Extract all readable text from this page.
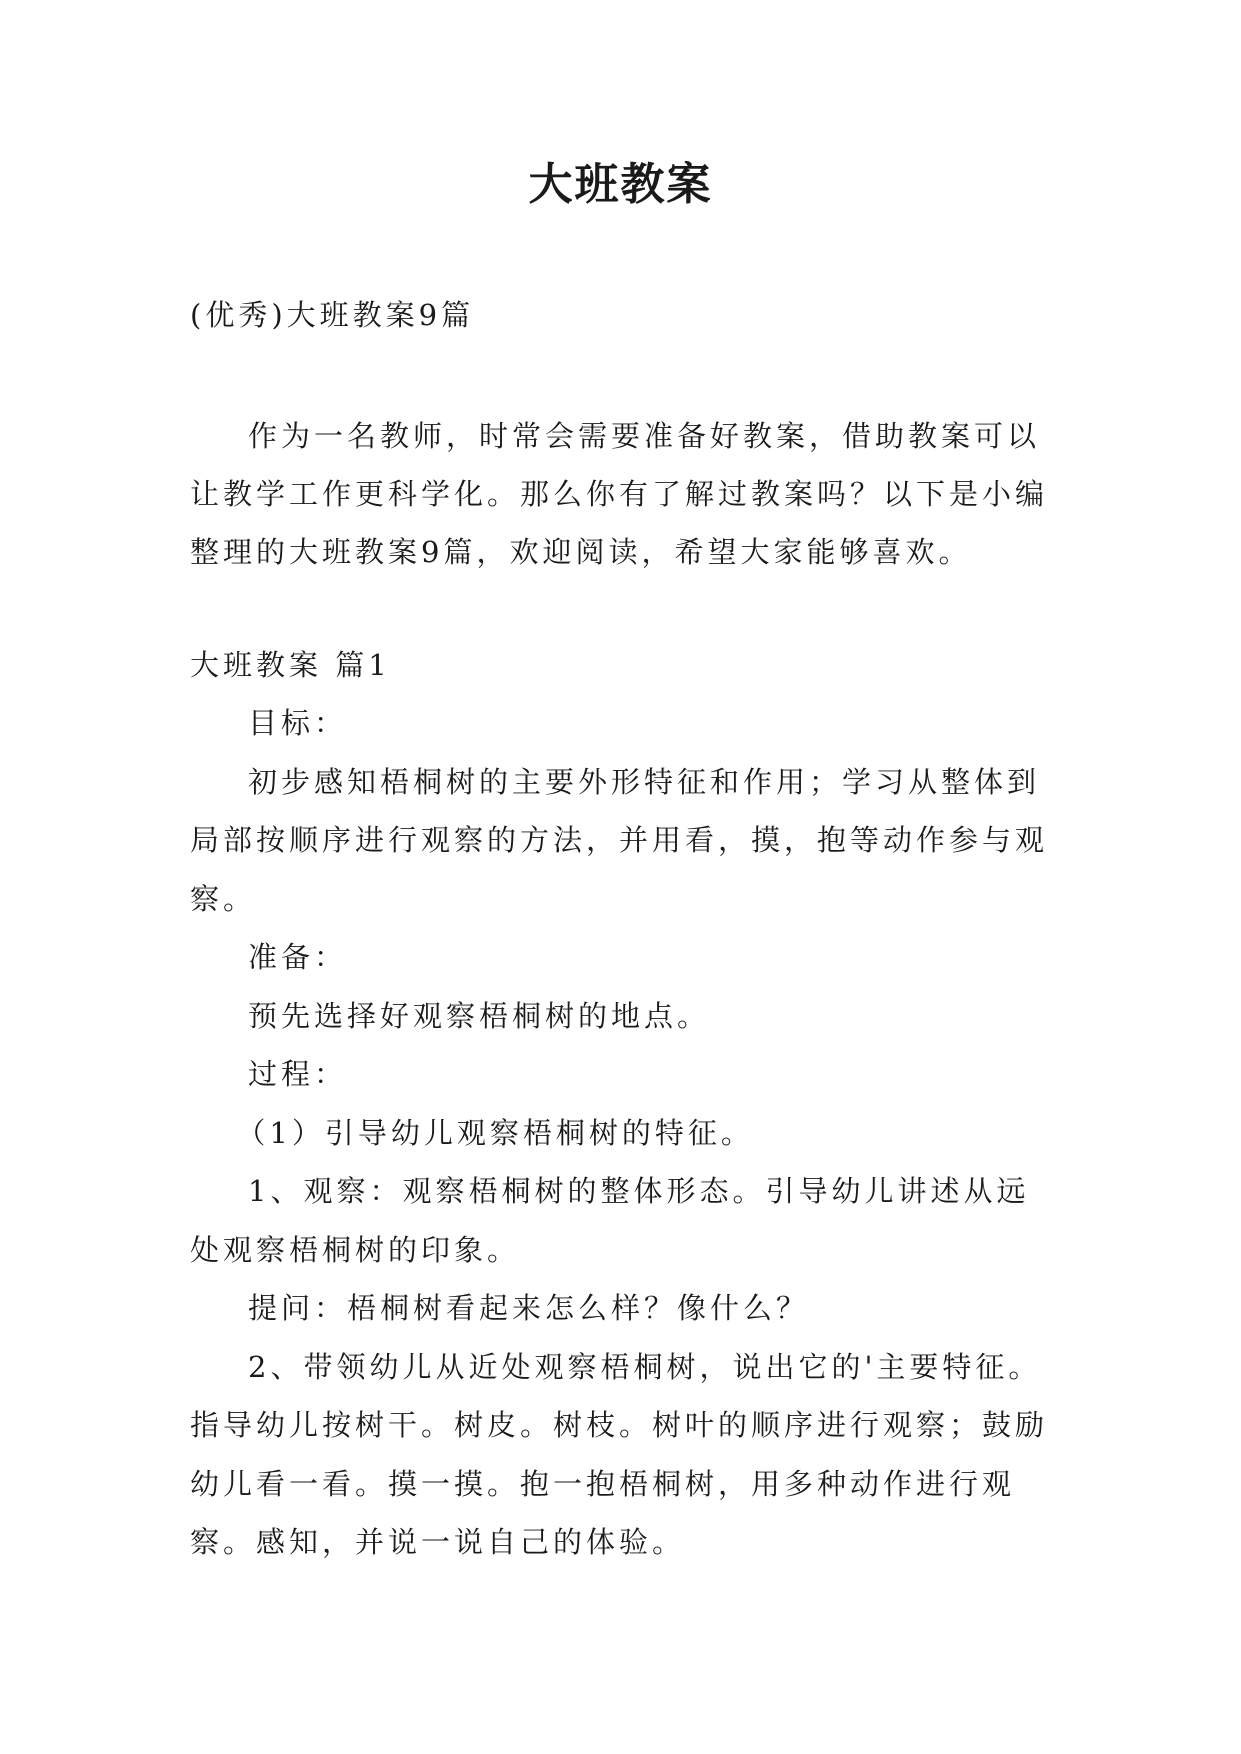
大班教案
(优秀)大班教案9篇

作为一名教师，时常会需要准备好教案，借助教案可以让教学工作更科学化。那么你有了解过教案吗？以下是小编整理的大班教案9篇，欢迎阅读，希望大家能够喜欢。

大班教案 篇1

目标：

初步感知梧桐树的主要外形特征和作用；学习从整体到局部按顺序进行观察的方法，并用看，摸，抱等动作参与观察。

准备：

预先选择好观察梧桐树的地点。

过程：

（1）引导幼儿观察梧桐树的特征。

1、观察：观察梧桐树的整体形态。引导幼儿讲述从远处观察梧桐树的印象。

提问：梧桐树看起来怎么样？像什么？

2、带领幼儿从近处观察梧桐树，说出它的'主要特征。指导幼儿按树干。树皮。树枝。树叶的顺序进行观察；鼓励幼儿看一看。摸一摸。抱一抱梧桐树，用多种动作进行观察。感知，并说一说自己的体验。
